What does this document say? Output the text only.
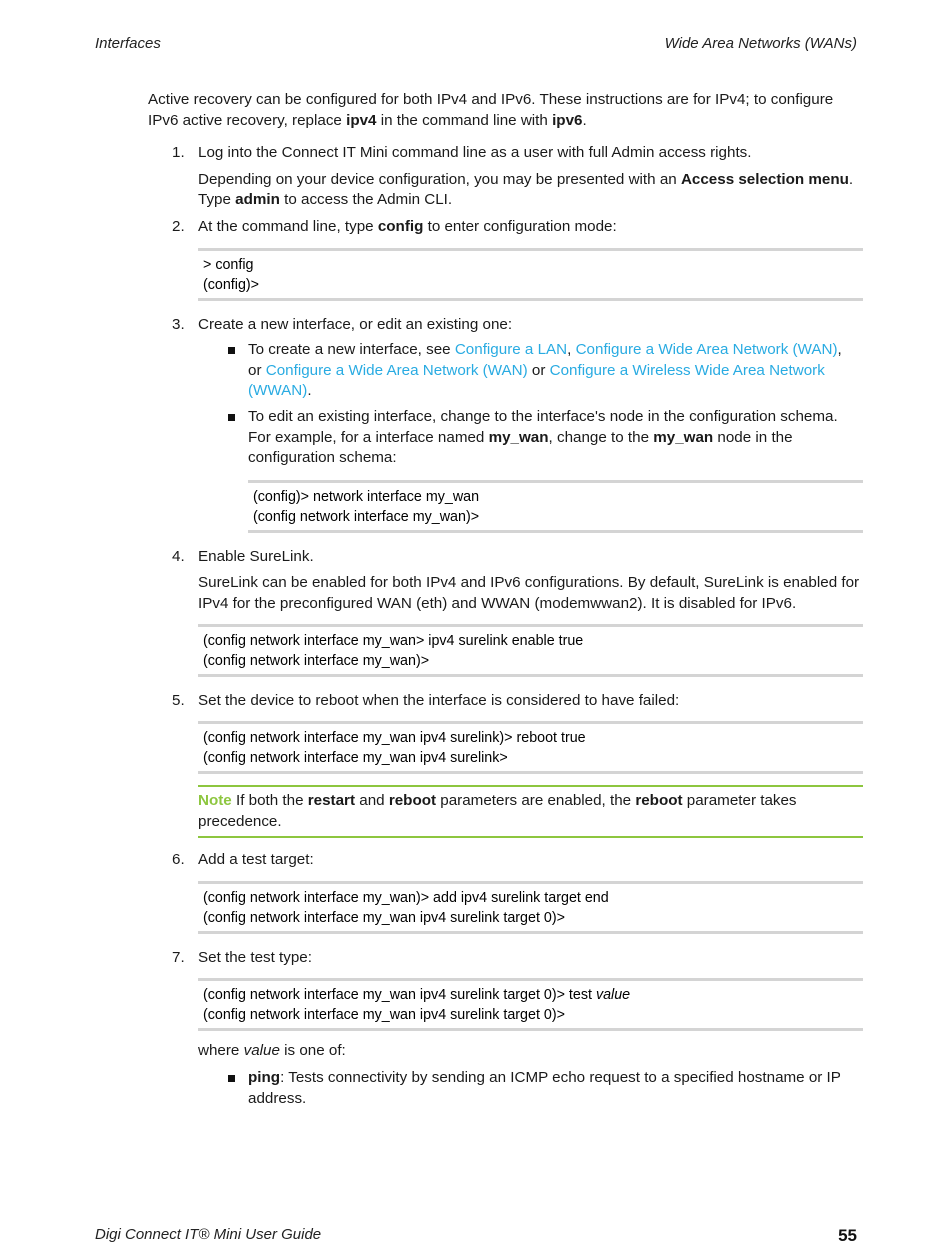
Interfaces	Wide Area Networks (WANs)

Active recovery can be configured for both IPv4 and IPv6. These instructions are for IPv4; to configure IPv6 active recovery, replace ipv4 in the command line with ipv6.

1. Log into the Connect IT Mini command line as a user with full Admin access rights.

Depending on your device configuration, you may be presented with an Access selection menu. Type admin to access the Admin CLI.

2. At the command line, type config to enter configuration mode:

> config
(config)>
3. Create a new interface, or edit an existing one:

To create a new interface, see Configure a LAN, Configure a Wide Area Network (WAN),
or Configure a Wide Area Network (WAN) or Configure a Wireless Wide Area Network (WWAN).
To edit an existing interface, change to the interface's node in the configuration schema. For example, for a interface named my_wan, change to the my_wan node in the configuration schema:
(config)> network interface my_wan
(config network interface my_wan)>
4. Enable SureLink.

SureLink can be enabled for both IPv4 and IPv6 configurations. By default, SureLink is enabled for IPv4 for the preconfigured WAN (eth) and WWAN (modemwwan2). It is disabled for IPv6.

(config network interface my_wan> ipv4 surelink enable true
(config network interface my_wan)>
5. Set the device to reboot when the interface is considered to have failed:

(config network interface my_wan ipv4 surelink)> reboot true
(config network interface my_wan ipv4 surelink>
Note If both the restart and reboot parameters are enabled, the reboot parameter takes precedence.
6. Add a test target:

(config network interface my_wan)> add ipv4 surelink target end
(config network interface my_wan ipv4 surelink target 0)>
7. Set the test type:

(config network interface my_wan ipv4 surelink target 0)> test value
(config network interface my_wan ipv4 surelink target 0)>

where value is one of:

ping: Tests connectivity by sending an ICMP echo request to a specified hostname or IP address.
Digi Connect IT® Mini User Guide	55
